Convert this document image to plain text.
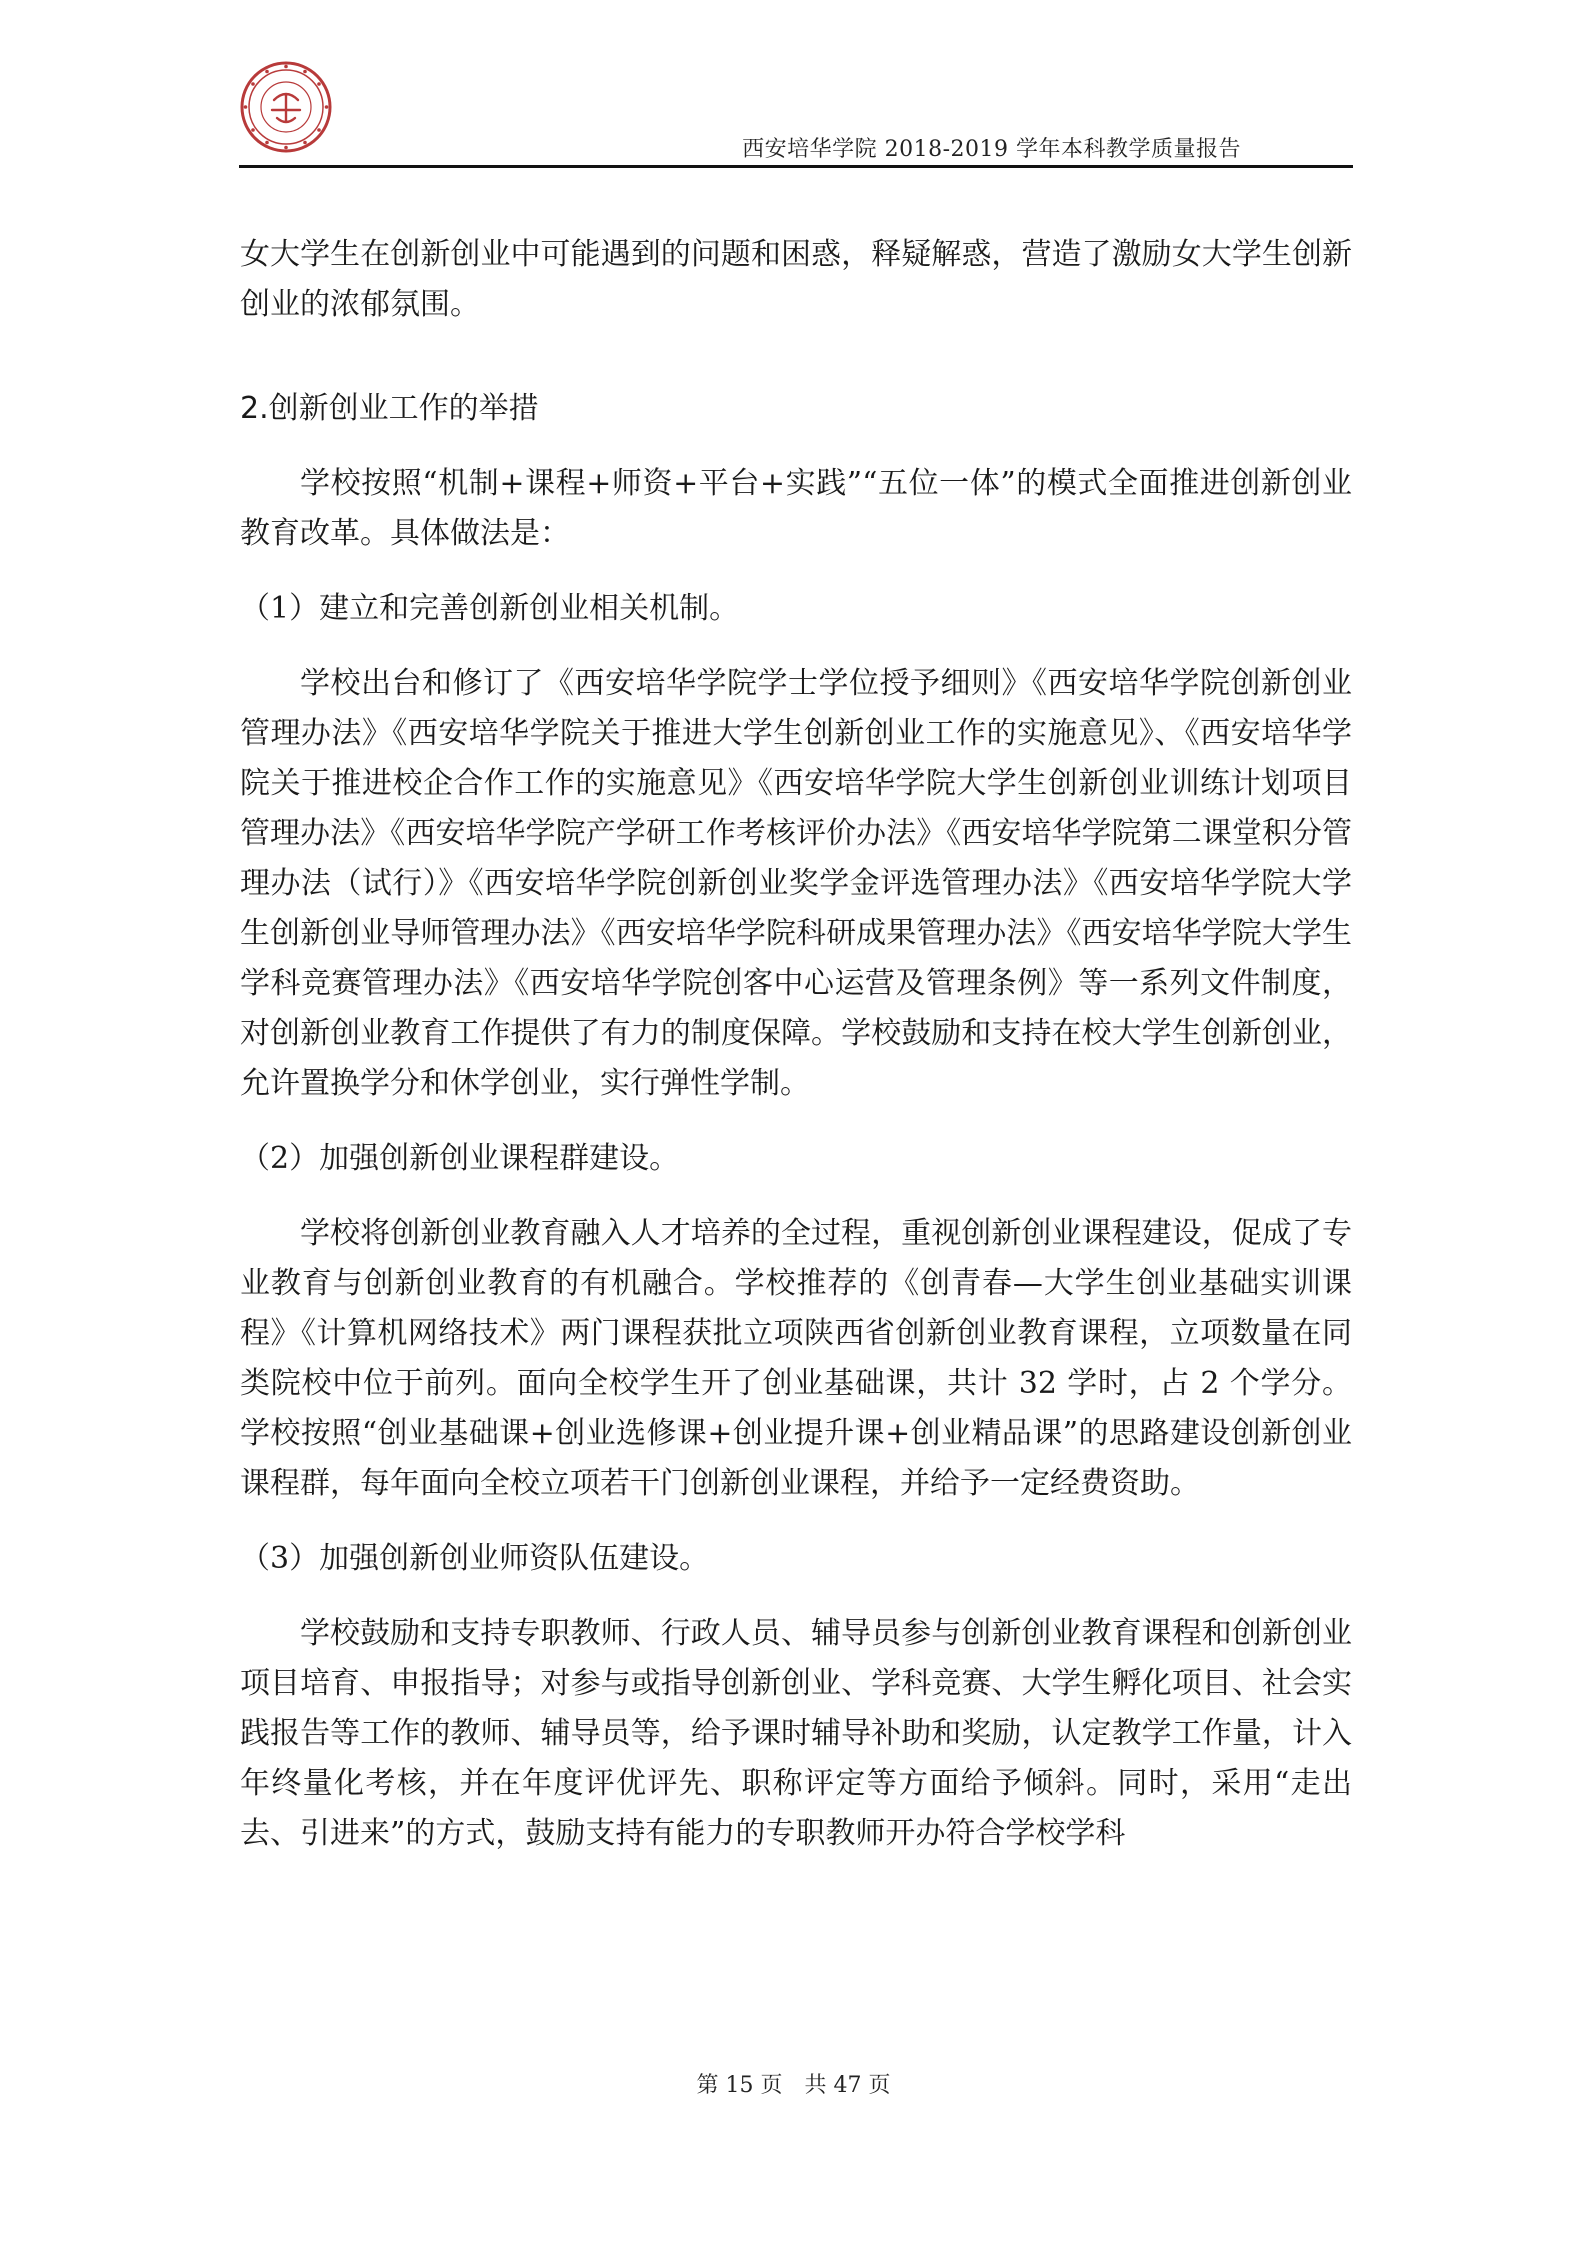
西安培华学院 2018-2019 学年本科教学质量报告

女大学生在创新创业中可能遇到的问题和困惑，释疑解惑，营造了激励女大学生创新创业的浓郁氛围。

2.创新创业工作的举措

学校按照“机制+课程+师资+平台+实践”“五位一体”的模式全面推进创新创业教育改革。具体做法是：

（1）建立和完善创新创业相关机制。

学校出台和修订了《西安培华学院学士学位授予细则》《西安培华学院创新创业管理办法》《西安培华学院关于推进大学生创新创业工作的实施意见》、《西安培华学院关于推进校企合作工作的实施意见》《西安培华学院大学生创新创业训练计划项目管理办法》《西安培华学院产学研工作考核评价办法》《西安培华学院第二课堂积分管理办法（试行）》《西安培华学院创新创业奖学金评选管理办法》《西安培华学院大学生创新创业导师管理办法》《西安培华学院科研成果管理办法》《西安培华学院大学生学科竞赛管理办法》《西安培华学院创客中心运营及管理条例》等一系列文件制度，对创新创业教育工作提供了有力的制度保障。学校鼓励和支持在校大学生创新创业，允许置换学分和休学创业，实行弹性学制。

（2）加强创新创业课程群建设。

学校将创新创业教育融入人才培养的全过程，重视创新创业课程建设，促成了专业教育与创新创业教育的有机融合。学校推荐的《创青春—大学生创业基础实训课程》《计算机网络技术》两门课程获批立项陕西省创新创业教育课程，立项数量在同类院校中位于前列。面向全校学生开了创业基础课，共计 32 学时，占 2 个学分。学校按照“创业基础课+创业选修课+创业提升课+创业精品课”的思路建设创新创业课程群，每年面向全校立项若干门创新创业课程，并给予一定经费资助。

（3）加强创新创业师资队伍建设。

学校鼓励和支持专职教师、行政人员、辅导员参与创新创业教育课程和创新创业项目培育、申报指导；对参与或指导创新创业、学科竞赛、大学生孵化项目、社会实践报告等工作的教师、辅导员等，给予课时辅导补助和奖励，认定教学工作量，计入年终量化考核，并在年度评优评先、职称评定等方面给予倾斜。同时，采用“走出去、引进来”的方式，鼓励支持有能力的专职教师开办符合学校学科

第 15 页　共 47 页
